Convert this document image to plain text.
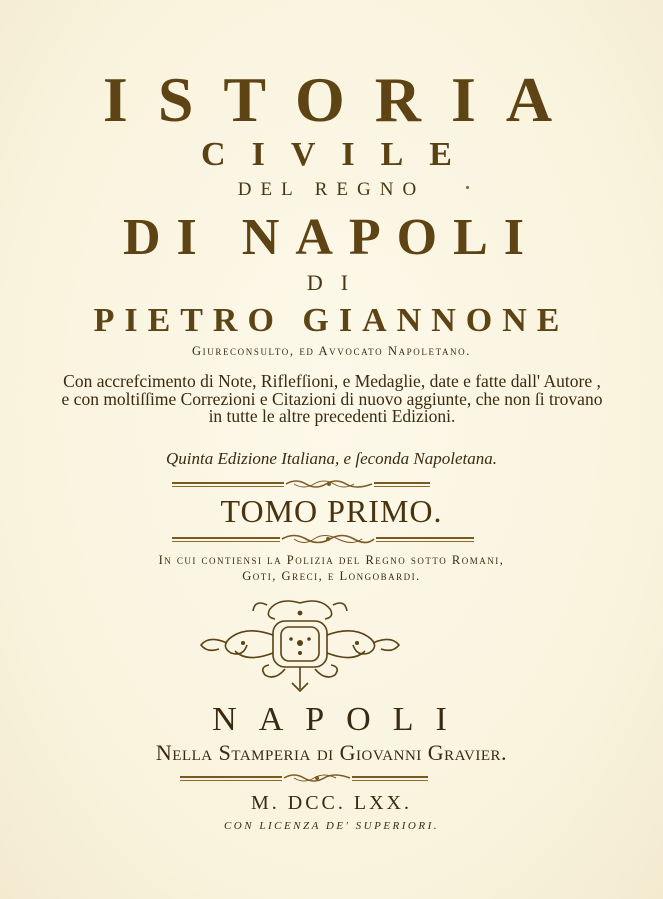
ISTORIA
CIVILE
DEL REGNO
DI NAPOLI
DI
PIETRO GIANNONE
Giureconsulto, ed Avvocato Napoletano.
Con accrefcimento di Note, Riflefſioni, e Medaglie, date e fatte dall' Autore , e con moltiſſime Correzioni e Citazioni di nuovo aggiunte, che non ſi trovano in tutte le altre precedenti Edizioni.
Quinta Edizione Italiana, e ſeconda Napoletana.
TOMO PRIMO.
In cui contienſi la Polizia del Regno sotto Romani,
Goti, Greci, e Longobardi.
NAPOLI
Nella Stamperia di Giovanni Gravier.
M. DCC. LXX.
CON LICENZA DE' SUPERIORI.
